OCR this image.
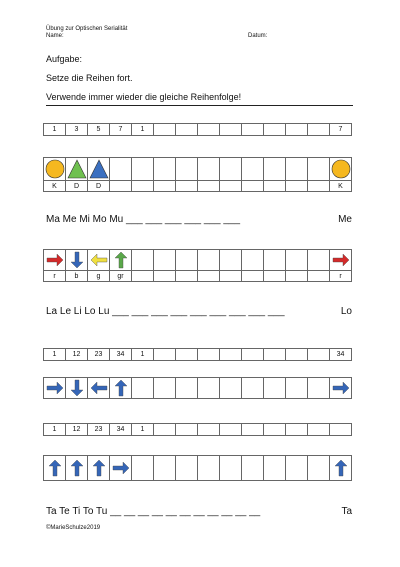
Übung zur Optischen Serialität
Name:	Datum:
Aufgabe:
Setze die Reihen fort.
Verwende immer wieder die gleiche Reihenfolge!
1	3	5	7	1	7
K	D	D	K
Ma Me Mi Mo Mu ___ ___ ___ ___ ___ ___	Me
r	b	g	gr	r
La Le Li Lo Lu ___ ___ ___ ___ ___ ___ ___ ___ ___	Lo
1	12	23	34	1	34
1	12	23	34	1
Ta Te Ti To Tu __ __ __ __ __ __ __ __ __ __ __	Ta
©MarieSchulze2019
